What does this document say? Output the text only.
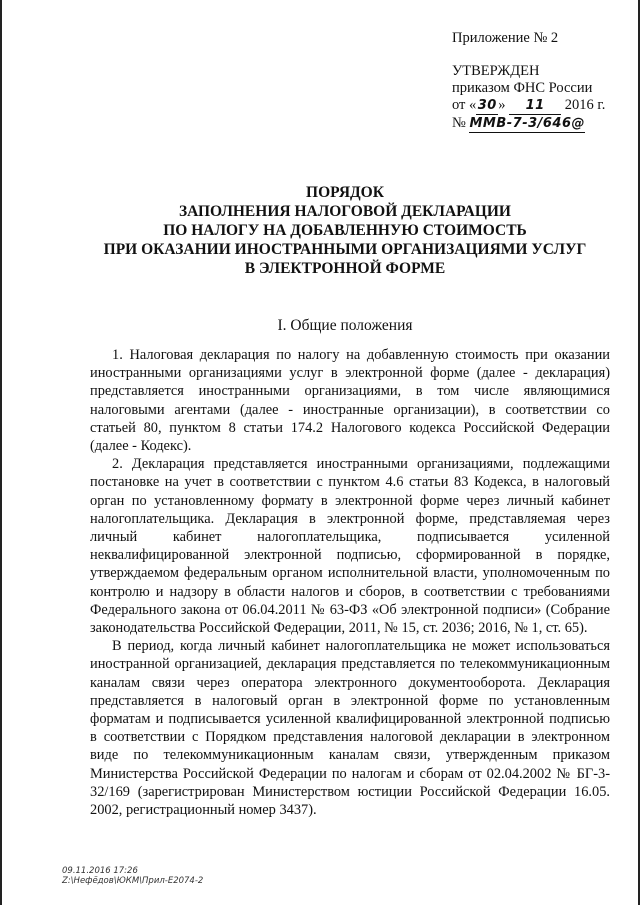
Приложение № 2
УТВЕРЖДЕН
приказом ФНС России
от «30» 11 2016 г.
№ ММВ-7-3/646@
ПОРЯДОК
ЗАПОЛНЕНИЯ НАЛОГОВОЙ ДЕКЛАРАЦИИ
ПО НАЛОГУ НА ДОБАВЛЕННУЮ СТОИМОСТЬ
ПРИ ОКАЗАНИИ ИНОСТРАННЫМИ ОРГАНИЗАЦИЯМИ УСЛУГ
В ЭЛЕКТРОННОЙ ФОРМЕ
I. Общие положения

1. Налоговая декларация по налогу на добавленную стоимость при оказании иностранными организациями услуг в электронной форме (далее - декларация) представляется иностранными организациями, в том числе являющимися налоговыми агентами (далее - иностранные организации), в соответствии со статьей 80, пунктом 8 статьи 174.2 Налогового кодекса Российской Федерации (далее - Кодекс).

2. Декларация представляется иностранными организациями, подлежащими постановке на учет в соответствии с пунктом 4.6 статьи 83 Кодекса, в налоговый орган по установленному формату в электронной форме через личный кабинет налогоплательщика. Декларация в электронной форме, представляемая через личный кабинет налогоплательщика, подписывается усиленной неквалифицированной электронной подписью, сформированной в порядке, утверждаемом федеральным органом исполнительной власти, уполномоченным по контролю и надзору в области налогов и сборов, в соответствии с требованиями Федерального закона от 06.04.2011 № 63-ФЗ «Об электронной подписи» (Собрание законодательства Российской Федерации, 2011, № 15, ст. 2036; 2016, № 1, ст. 65).

В период, когда личный кабинет налогоплательщика не может использоваться иностранной организацией, декларация представляется по телекоммуникационным каналам связи через оператора электронного документооборота. Декларация представляется в налоговый орган в электронной форме по установленным форматам и подписывается усиленной квалифицированной электронной подписью в соответствии с Порядком представления налоговой декларации в электронном виде по телекоммуникационным каналам связи, утвержденным приказом Министерства Российской Федерации по налогам и сборам от 02.04.2002 № БГ-3-32/169 (зарегистрирован Министерством юстиции Российской Федерации 16.05. 2002, регистрационный номер 3437).

09.11.2016 17:26
Z:\Нефёдов\ЮКМ\Прил-Е2074-2
